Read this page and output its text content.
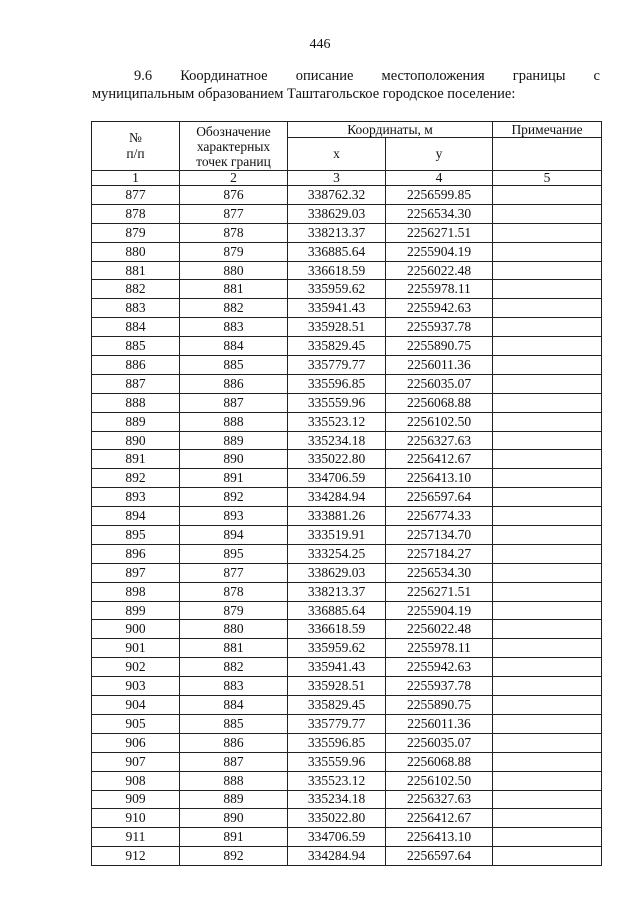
446
9.6 Координатное описание местоположения границы с
муниципальным образованием Таштагольское городское поселение:
№
п/п	Обозначение характерных точек границ	Координаты, м		Примечание
		x	y	
1	2	3	4	5
877	876	338762.32	2256599.85	
878	877	338629.03	2256534.30	
879	878	338213.37	2256271.51	
880	879	336885.64	2255904.19	
881	880	336618.59	2256022.48	
882	881	335959.62	2255978.11	
883	882	335941.43	2255942.63	
884	883	335928.51	2255937.78	
885	884	335829.45	2255890.75	
886	885	335779.77	2256011.36	
887	886	335596.85	2256035.07	
888	887	335559.96	2256068.88	
889	888	335523.12	2256102.50	
890	889	335234.18	2256327.63	
891	890	335022.80	2256412.67	
892	891	334706.59	2256413.10	
893	892	334284.94	2256597.64	
894	893	333881.26	2256774.33	
895	894	333519.91	2257134.70	
896	895	333254.25	2257184.27	
897	877	338629.03	2256534.30	
898	878	338213.37	2256271.51	
899	879	336885.64	2255904.19	
900	880	336618.59	2256022.48	
901	881	335959.62	2255978.11	
902	882	335941.43	2255942.63	
903	883	335928.51	2255937.78	
904	884	335829.45	2255890.75	
905	885	335779.77	2256011.36	
906	886	335596.85	2256035.07	
907	887	335559.96	2256068.88	
908	888	335523.12	2256102.50	
909	889	335234.18	2256327.63	
910	890	335022.80	2256412.67	
911	891	334706.59	2256413.10	
912	892	334284.94	2256597.64	
